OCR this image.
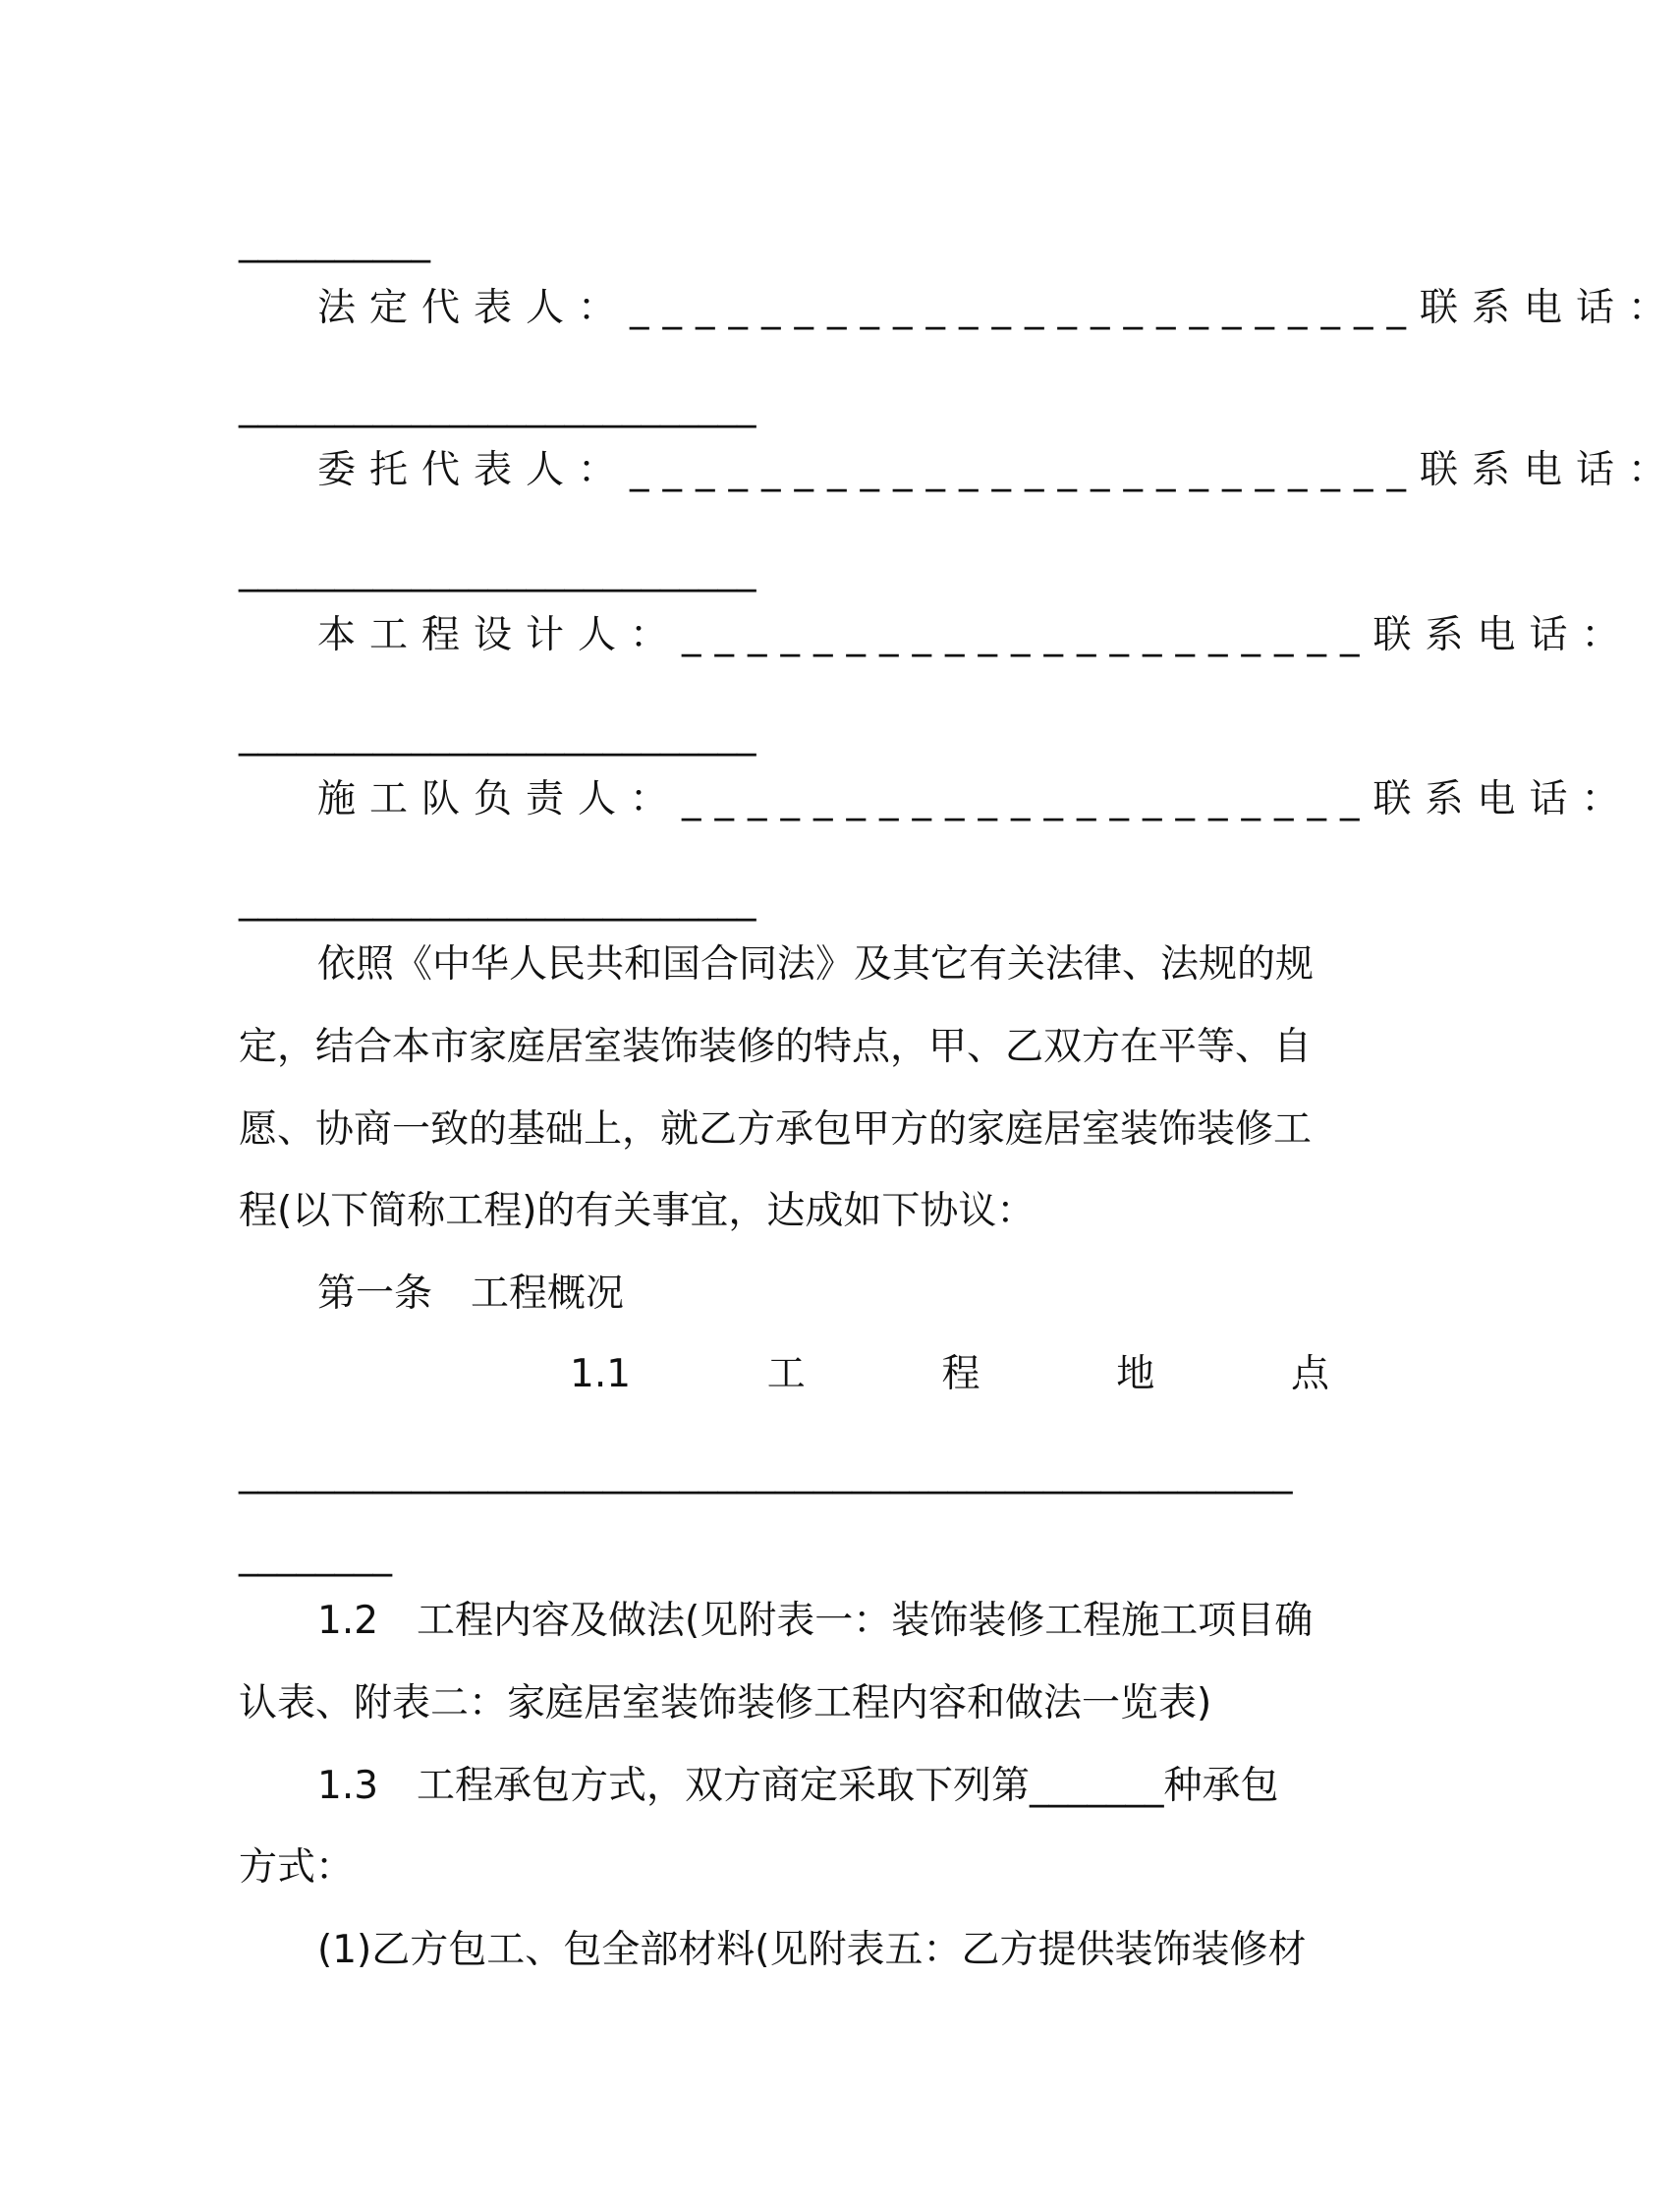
__________
法定代表人：________________________联系电话：
___________________________
委托代表人：________________________联系电话：
___________________________
本工程设计人：_____________________联系电话：
___________________________
施工队负责人：_____________________联系电话：
___________________________
依照《中华人民共和国合同法》及其它有关法律、法规的规
定，结合本市家庭居室装饰装修的特点，甲、乙双方在平等、自
愿、协商一致的基础上，就乙方承包甲方的家庭居室装饰装修工
程(以下简称工程)的有关事宜，达成如下协议：
第一条　工程概况
1.1	工	程	地	点
_______________________________________________________
________
1.2　工程内容及做法(见附表一：装饰装修工程施工项目确
认表、附表二：家庭居室装饰装修工程内容和做法一览表)
1.3　工程承包方式，双方商定采取下列第_______种承包
方式：
(1)乙方包工、包全部材料(见附表五：乙方提供装饰装修材
